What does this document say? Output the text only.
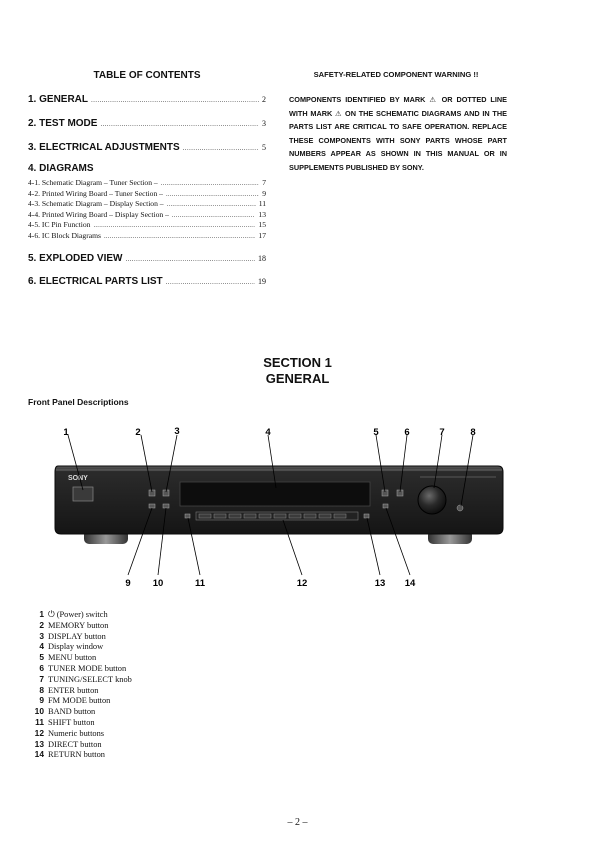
TABLE OF CONTENTS
1. GENERAL .....	2
2. TEST MODE .....	3
3. ELECTRICAL ADJUSTMENTS .....	5
4. DIAGRAMS
4-1. Schematic Diagram – Tuner Section – .....	7
4-2. Printed Wiring Board – Tuner Section – .....	9
4-3. Schematic Diagram – Display Section – .....	11
4-4. Printed Wiring Board – Display Section – .....	13
4-5. IC Pin Function .....	15
4-6. IC Block Diagrams .....	17
5. EXPLODED VIEW .....	18
6. ELECTRICAL PARTS LIST .....	19
SAFETY-RELATED COMPONENT WARNING !!
COMPONENTS IDENTIFIED BY MARK ⚠ OR DOTTED LINE WITH MARK ⚠ ON THE SCHEMATIC DIAGRAMS AND IN THE PARTS LIST ARE CRITICAL TO SAFE OPERATION. REPLACE THESE COMPONENTS WITH SONY PARTS WHOSE PART NUMBERS APPEAR AS SHOWN IN THIS MANUAL OR IN SUPPLEMENTS PUBLISHED BY SONY.
SECTION 1
GENERAL
Front Panel Descriptions
SONY
1	2	3	4	5	6	7	8
9 10	11	12	13 14
1 ⏻ (Power) switch
2 MEMORY button
3 DISPLAY button
4 Display window
5 MENU button
6 TUNER MODE button
7 TUNING/SELECT knob
8 ENTER button
9 FM MODE button
10 BAND button
11 SHIFT button
12 Numeric buttons
13 DIRECT button
14 RETURN button
– 2 –
